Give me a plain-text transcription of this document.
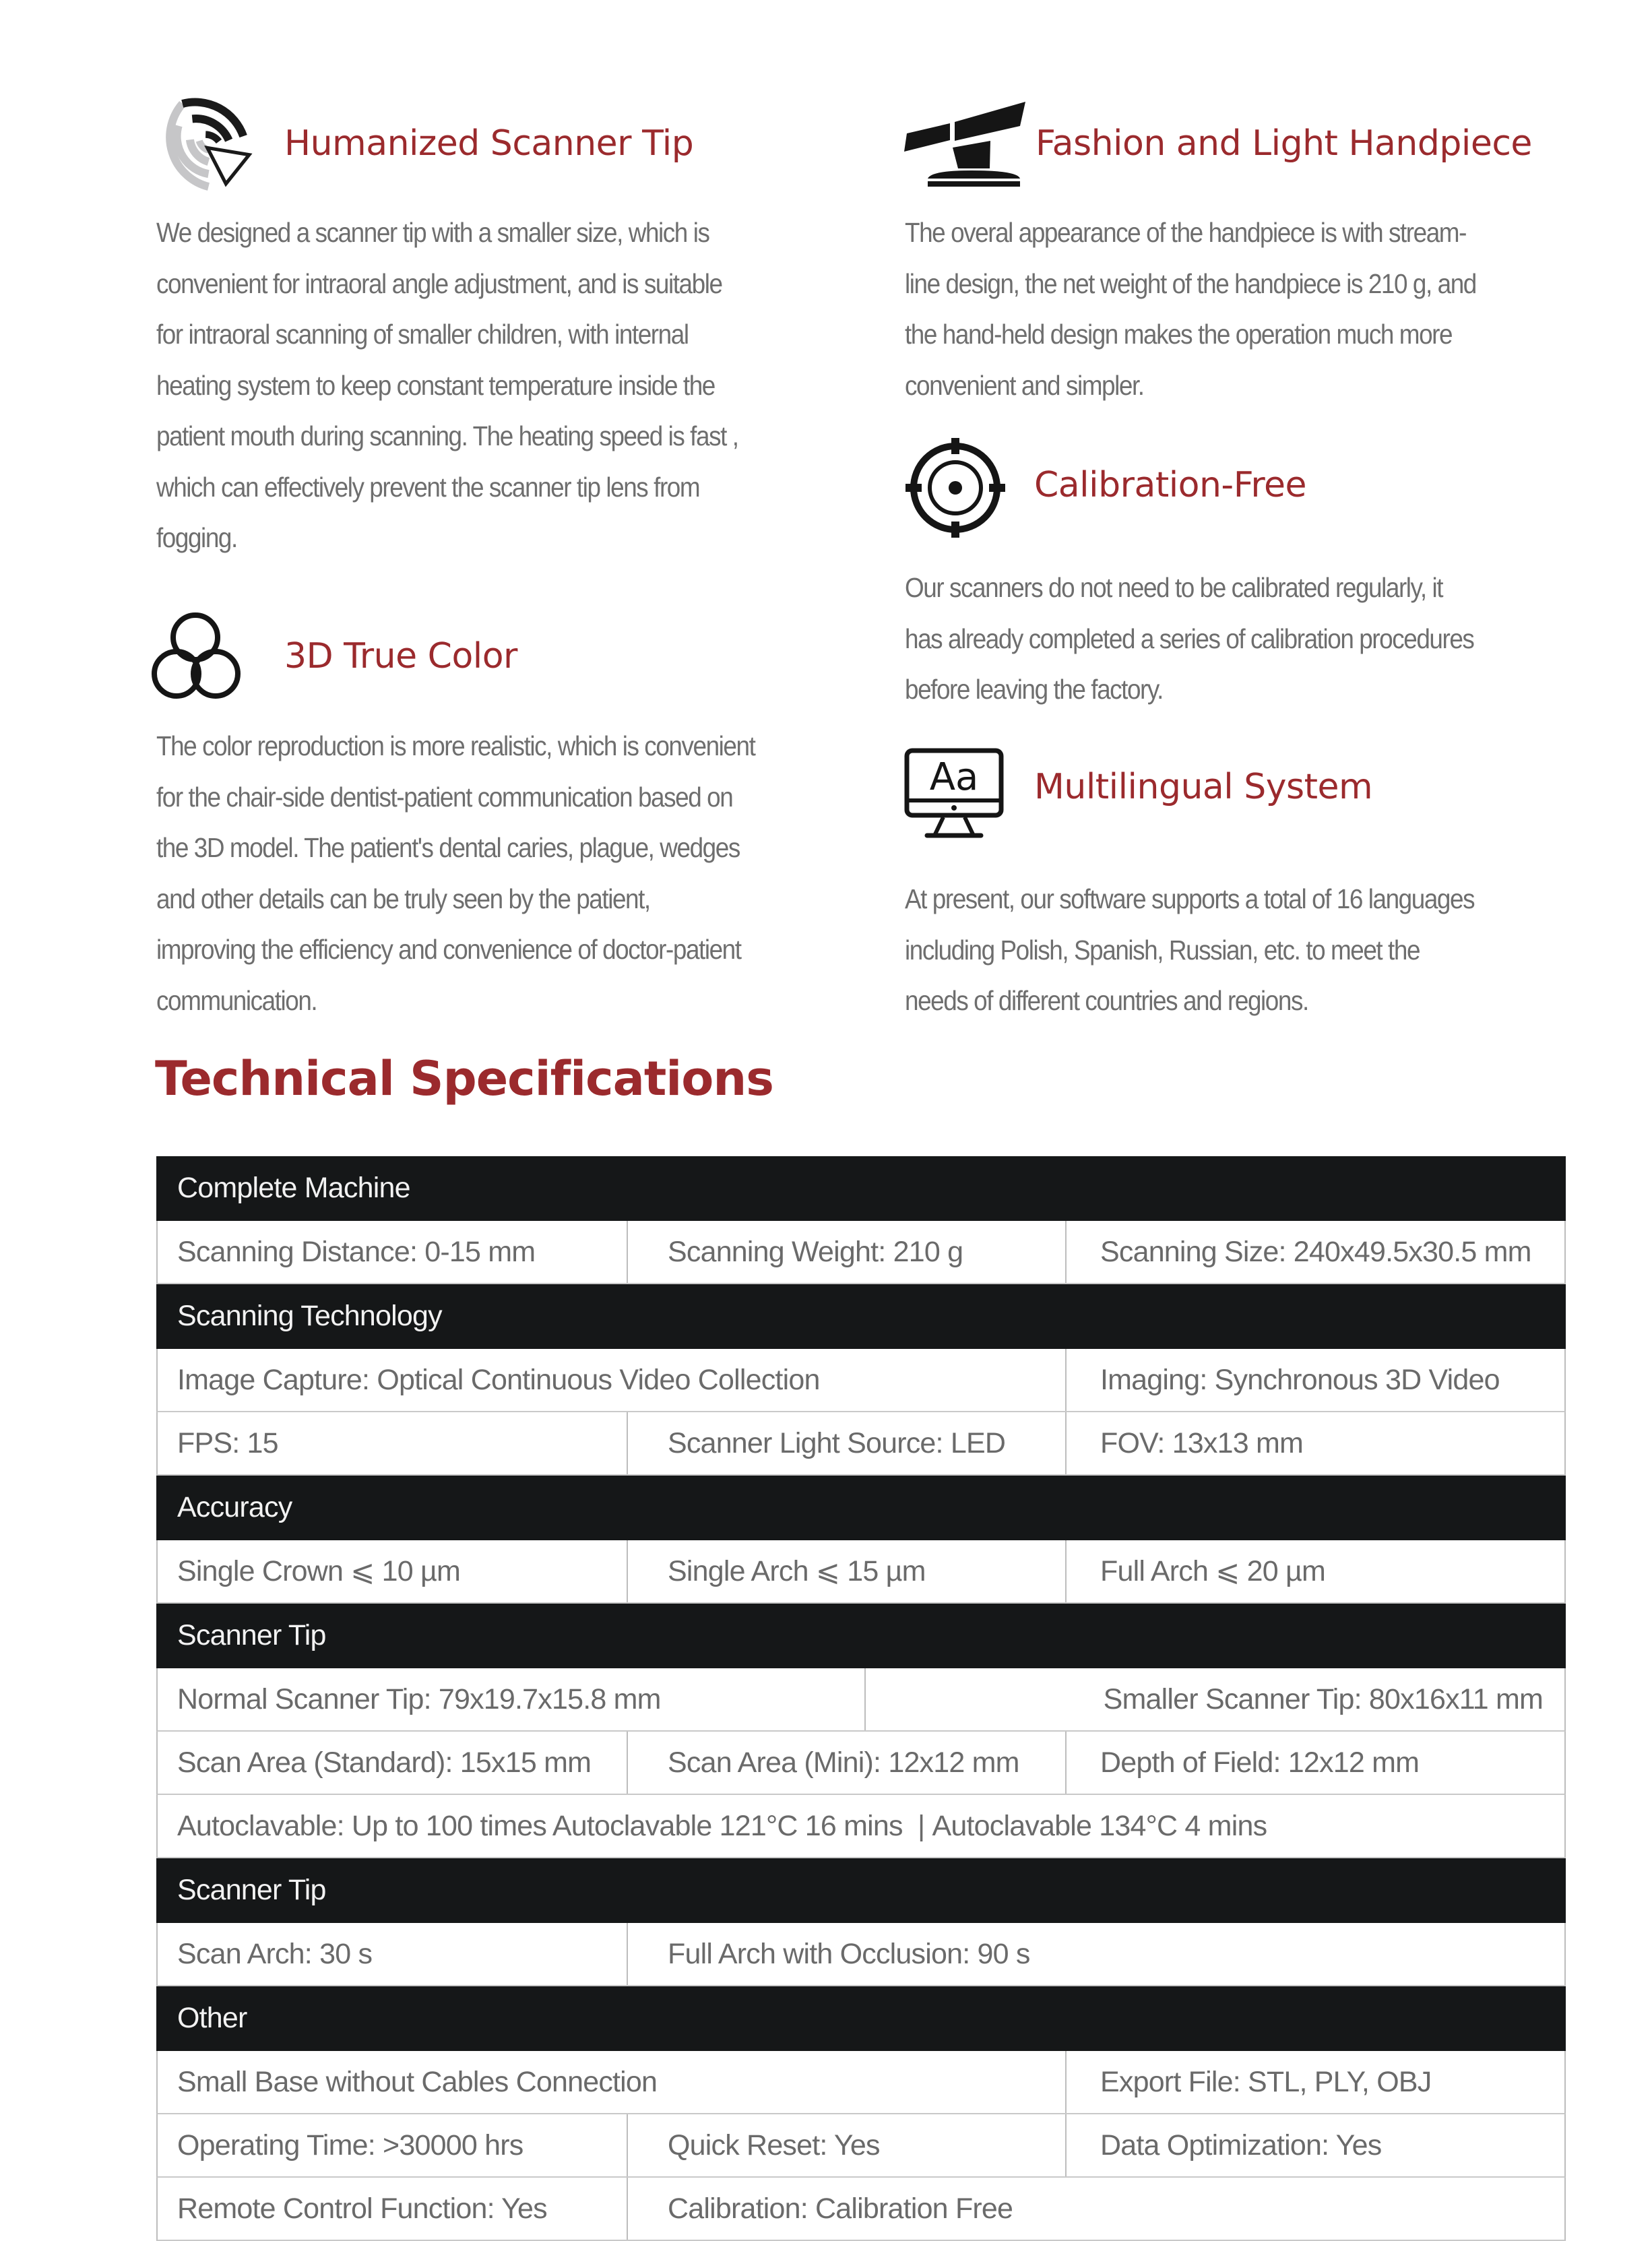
Humanized Scanner Tip
We designed a scanner tip with a smaller size, which is
convenient for intraoral angle adjustment, and is suitable
for intraoral scanning of smaller children, with internal
heating system to keep constant temperature inside the
patient mouth during scanning. The heating speed is fast ,
which can effectively prevent the scanner tip lens from
fogging.
Fashion and Light Handpiece
The overal appearance of the handpiece is with stream-
line design, the net weight of the handpiece is 210 g, and
the hand-held design makes the operation much more
convenient and simpler.
Calibration-Free
Our scanners do not need to be calibrated regularly, it
has already completed a series of calibration procedures
before leaving the factory.
3D True Color
The color reproduction is more realistic, which is convenient
for the chair-side dentist-patient communication based on
the 3D model. The patient's dental caries, plague, wedges
and other details can be truly seen by the patient,
improving the efficiency and convenience of doctor-patient
communication.
Aa Multilingual System
At present, our software supports a total of 16 languages
including Polish, Spanish, Russian, etc. to meet the
needs of different countries and regions.
Technical Specifications
Complete Machine
Scanning Distance: 0-15 mm	Scanning Weight: 210 g	Scanning Size: 240x49.5x30.5 mm
Scanning Technology
Image Capture: Optical Continuous Video Collection	Imaging: Synchronous 3D Video
FPS: 15	Scanner Light Source: LED	FOV: 13x13 mm
Accuracy
Single Crown ⩽ 10 µm	Single Arch ⩽ 15 µm	Full Arch ⩽ 20 µm
Scanner Tip
Normal Scanner Tip: 79x19.7x15.8 mm	Smaller Scanner Tip: 80x16x11 mm
Scan Area (Standard): 15x15 mm	Scan Area (Mini): 12x12 mm	Depth of Field: 12x12 mm
Autoclavable: Up to 100 times Autoclavable 121°C 16 mins  | Autoclavable 134°C 4 mins
Scanner Tip
Scan Arch: 30 s	Full Arch with Occlusion: 90 s
Other
Small Base without Cables Connection	Export File: STL, PLY, OBJ
Operating Time: >30000 hrs	Quick Reset: Yes	Data Optimization: Yes
Remote Control Function: Yes	Calibration: Calibration Free
